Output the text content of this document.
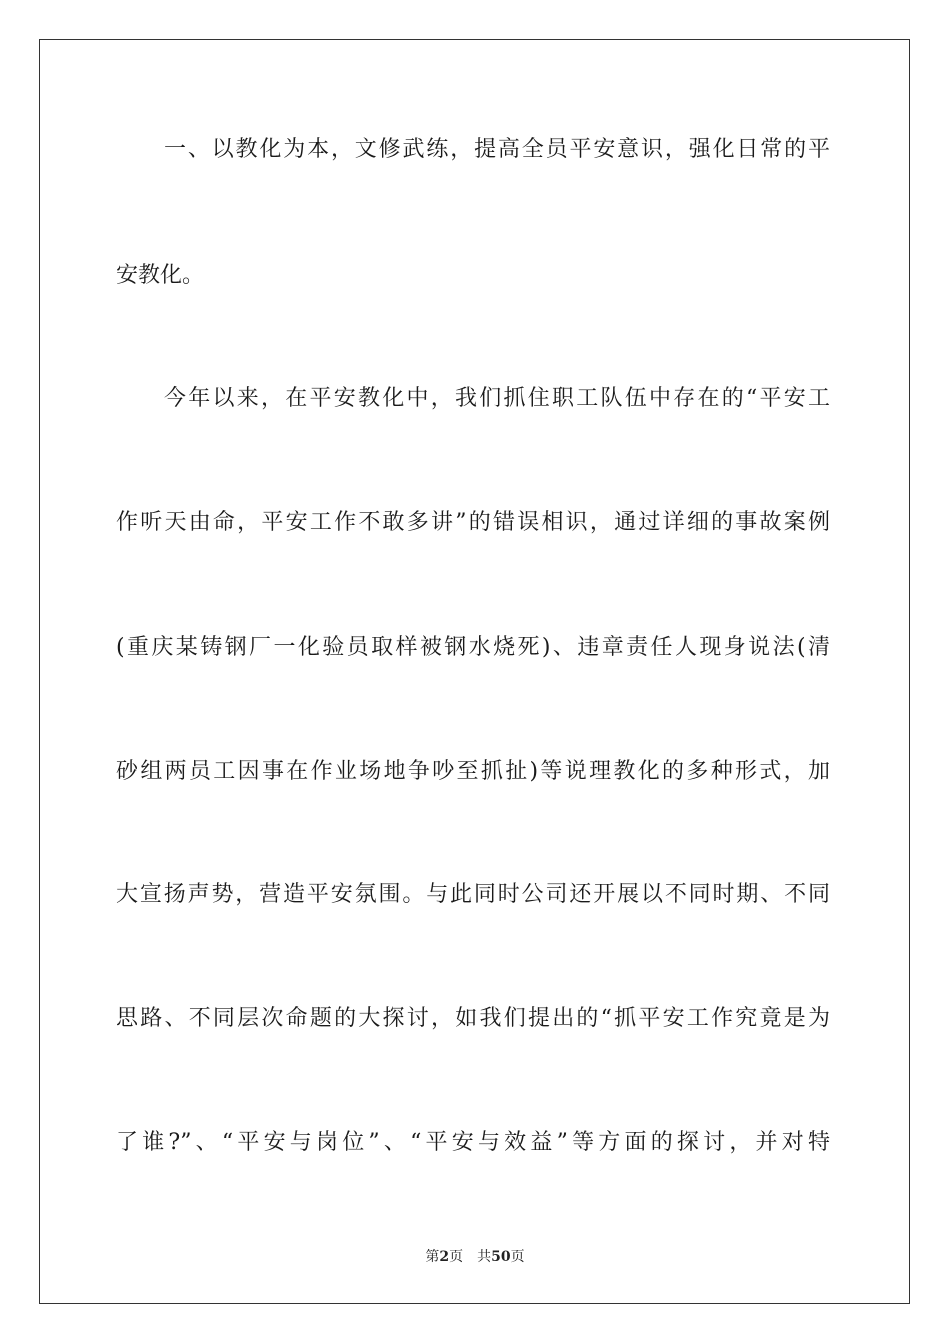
一、以教化为本，文修武练，提高全员平安意识，强化日常的平
安教化。
今年以来，在平安教化中，我们抓住职工队伍中存在的“平安工
作听天由命，平安工作不敢多讲”的错误相识，通过详细的事故案例
(重庆某铸钢厂一化验员取样被钢水烧死)、违章责任人现身说法(清
砂组两员工因事在作业场地争吵至抓扯)等说理教化的多种形式，加
大宣扬声势，营造平安氛围。与此同时公司还开展以不同时期、不同
思路、不同层次命题的大探讨，如我们提出的“抓平安工作究竟是为
了谁?”、“平安与岗位”、“平安与效益”等方面的探讨，并对特
第2页 共50页
